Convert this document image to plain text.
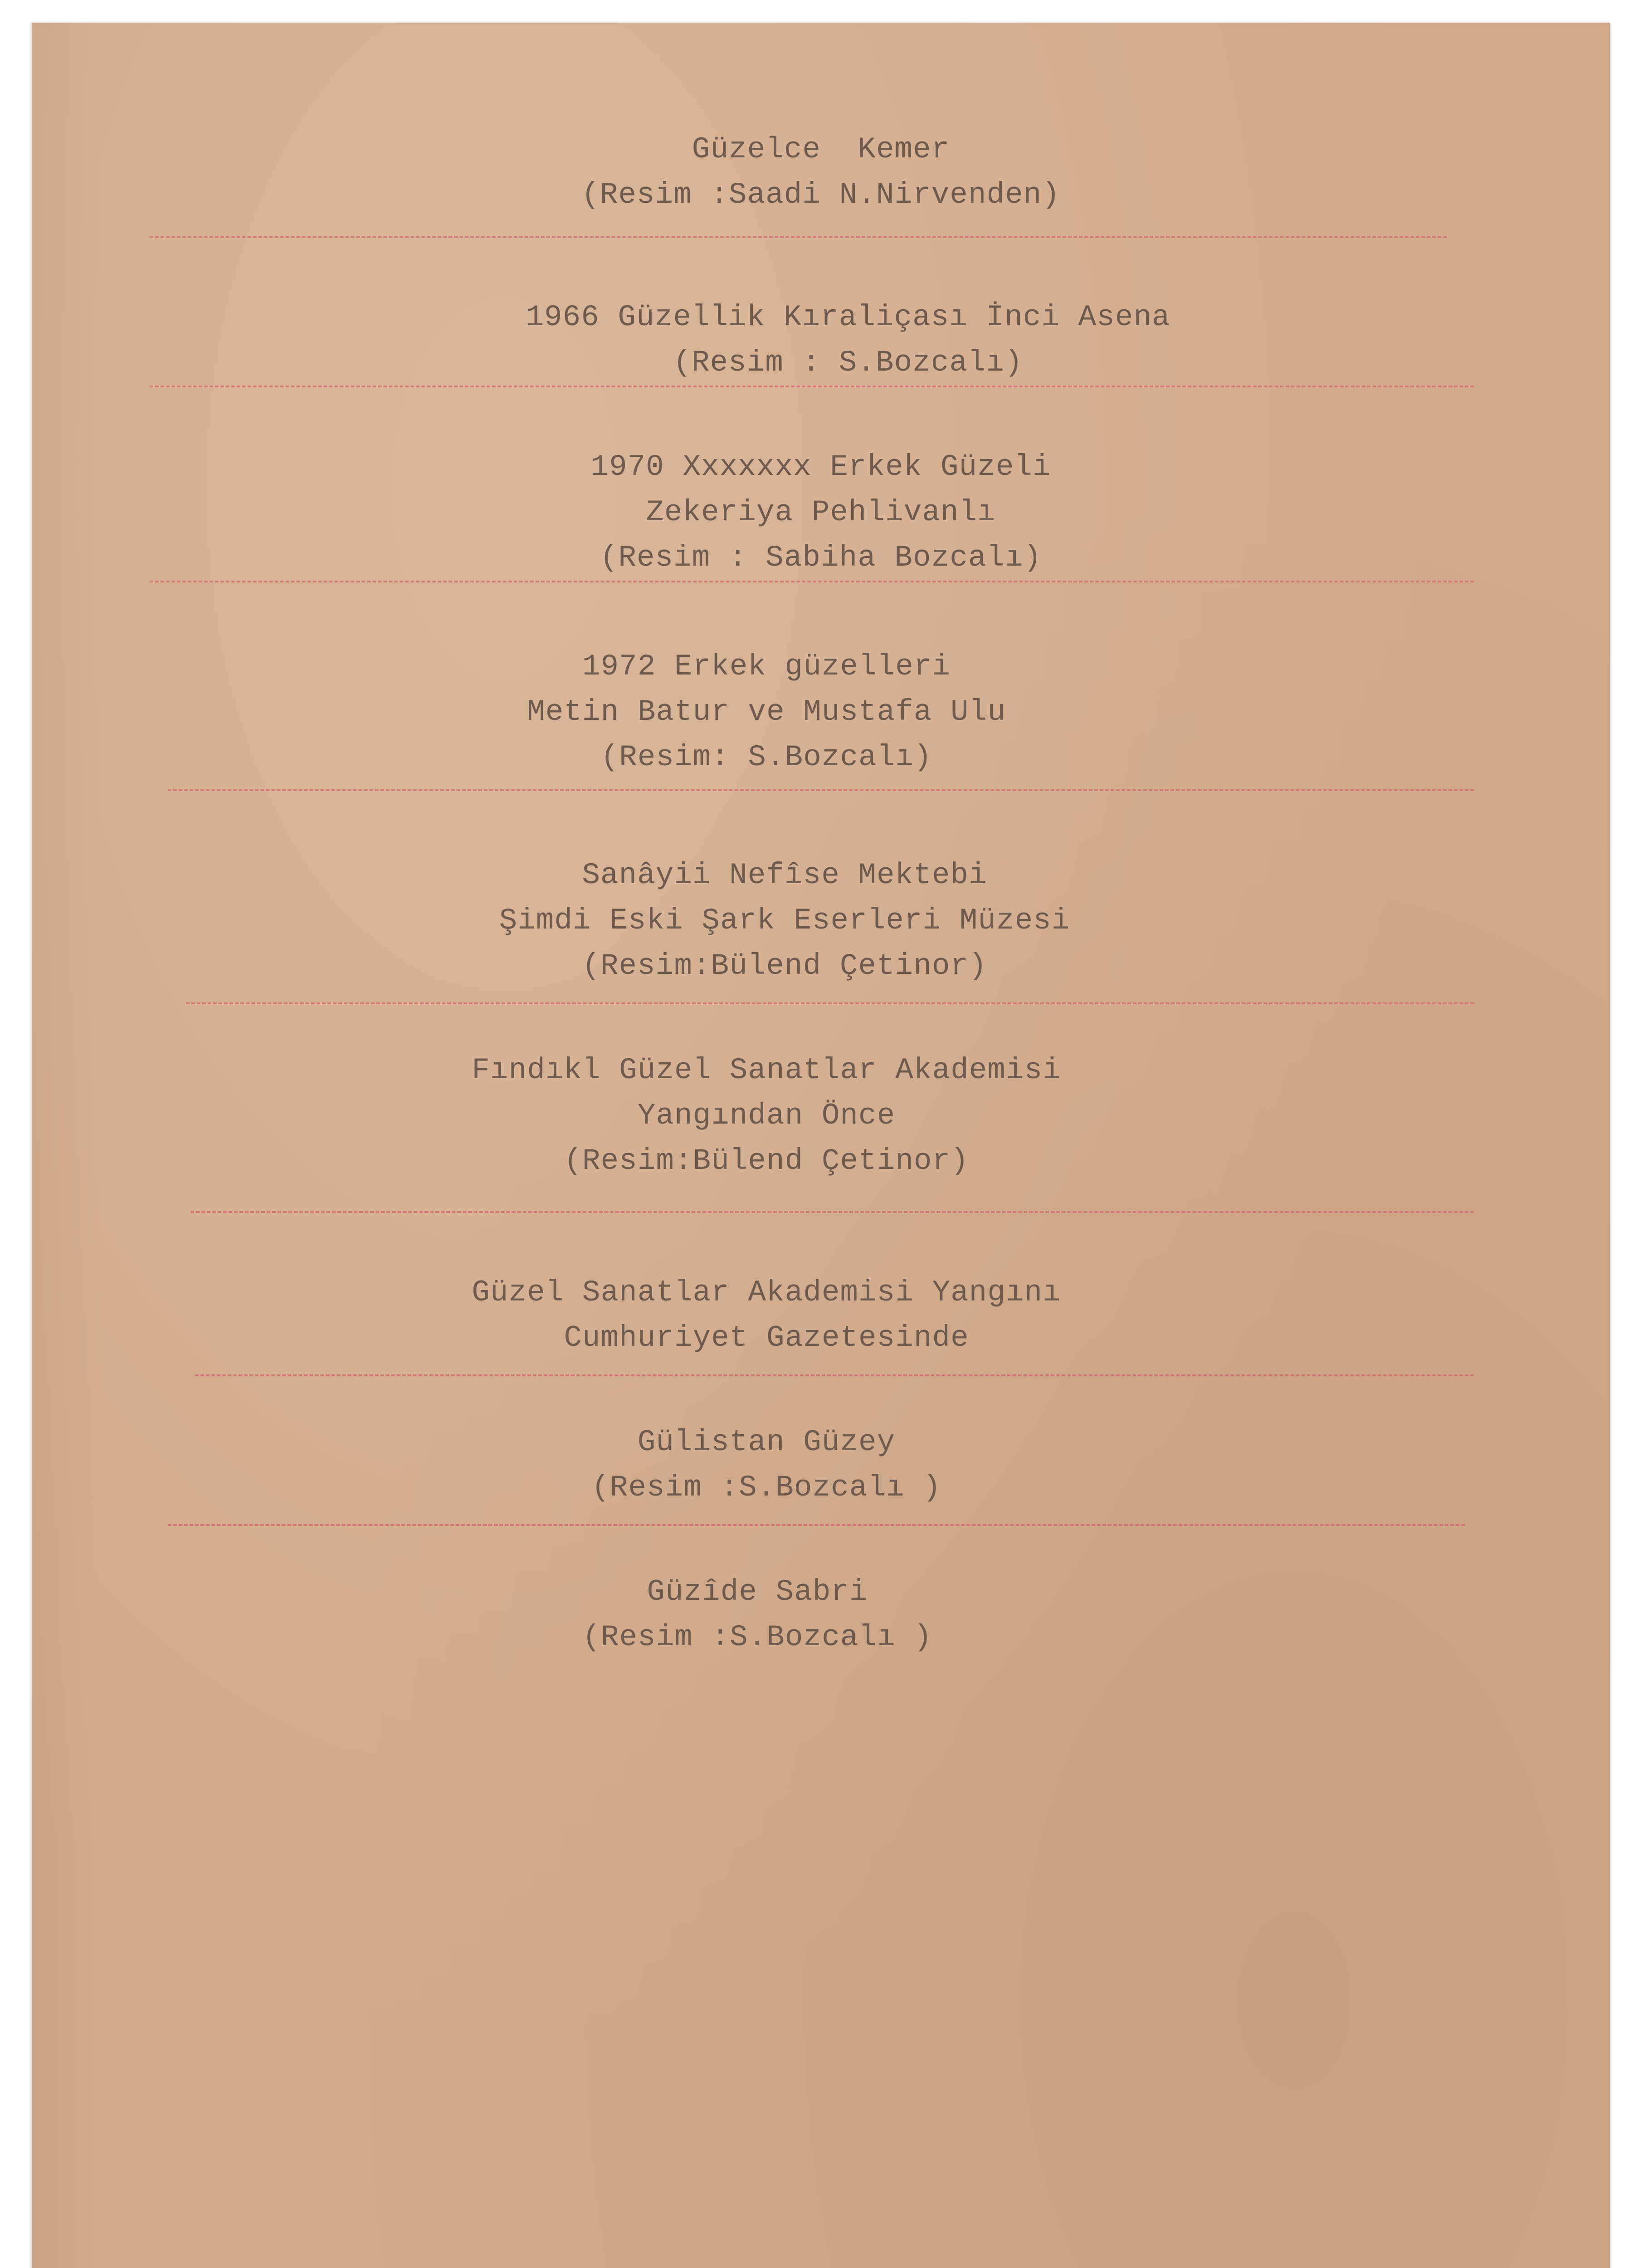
Güzelce  Kemer
(Resim :Saadi N.Nirvenden)
1966 Güzellik Kıraliçası İnci Asena
(Resim : S.Bozcalı)
1970 Xxxxxxx Erkek Güzeli
Zekeriya Pehlivanlı
(Resim : Sabiha Bozcalı)
1972 Erkek güzelleri
Metin Batur ve Mustafa Ulu
(Resim: S.Bozcalı)
Sanâyii Nefîse Mektebi
Şimdi Eski Şark Eserleri Müzesi
(Resim:Bülend Çetinor)
Fındıkl Güzel Sanatlar Akademisi
Yangından Önce
(Resim:Bülend Çetinor)
Güzel Sanatlar Akademisi Yangını
Cumhuriyet Gazetesinde
Gülistan Güzey
(Resim :S.Bozcalı )
Güzîde Sabri
(Resim :S.Bozcalı )
